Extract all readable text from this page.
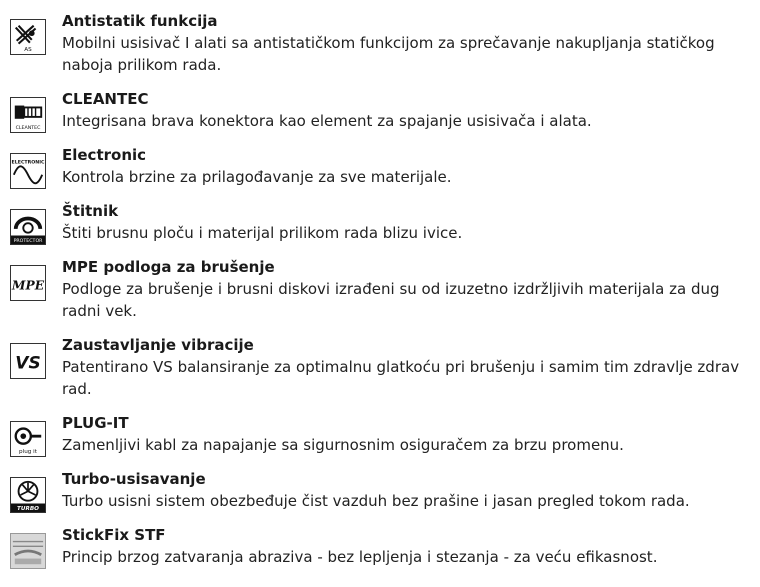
AS
Antistatik funkcija
Mobilni usisivač I alati sa antistatičkom funkcijom za sprečavanje nakupljanja statičkog naboja prilikom rada.
CLEANTEC
CLEANTEC
Integrisana brava konektora kao element za spajanje usisivača i alata.
ELECTRONIC Electronic
Kontrola brzine za prilagođavanje za sve materijale.
PROTECTOR
Štitnik
Štiti brusnu ploču i materijal prilikom rada blizu ivice.
MPE
MPE podloga za brušenje
Podloge za brušenje i brusni diskovi izrađeni su od izuzetno izdržljivih materijala za dug radni vek.
VS
Zaustavljanje vibracije
Patentirano VS balansiranje za optimalnu glatkoću pri brušenju i samim tim zdravlje zdrav rad.
plug it
PLUG-IT
Zamenljivi kabl za napajanje sa sigurnosnim osiguračem za brzu promenu.
TURBO
Turbo-usisavanje
Turbo usisni sistem obezbeđuje čist vazduh bez prašine i jasan pregled tokom rada.
StickFix STF
Princip brzog zatvaranja abraziva - bez lepljenja i stezanja - za veću efikasnost.
